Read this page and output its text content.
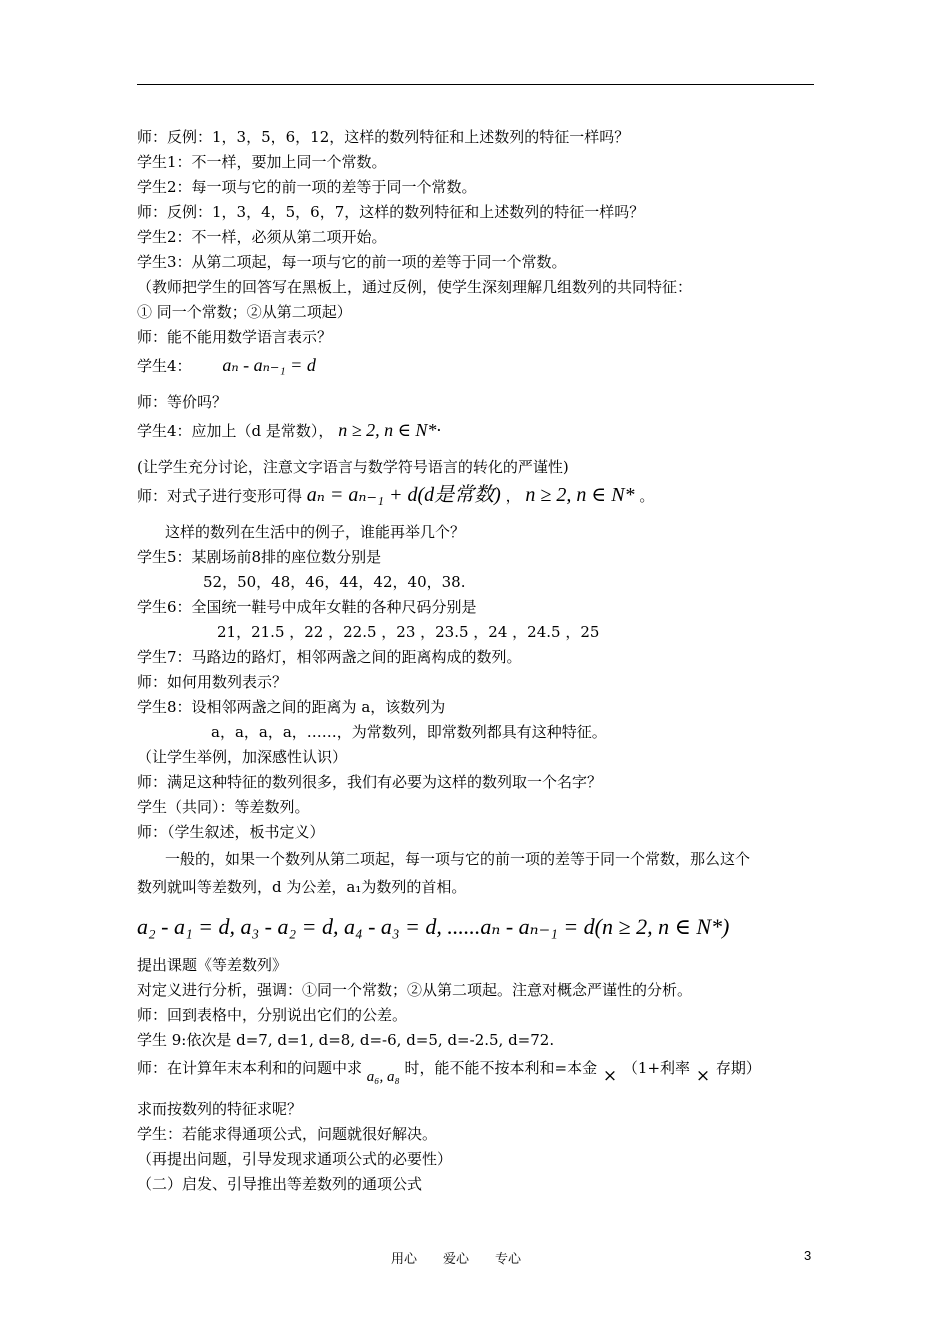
师：反例：1，3，5，6，12，这样的数列特征和上述数列的特征一样吗？
学生1：不一样，要加上同一个常数。
学生2：每一项与它的前一项的差等于同一个常数。
师：反例：1，3，4，5，6，7，这样的数列特征和上述数列的特征一样吗？
学生2：不一样，必须从第二项开始。
学生3：从第二项起，每一项与它的前一项的差等于同一个常数。
（教师把学生的回答写在黑板上，通过反例，使学生深刻理解几组数列的共同特征：
① 同一个常数；②从第二项起）
师：能不能用数学语言表示？
学生4： aₙ - aₙ₋₁ = d
师：等价吗？
学生4：应加上（d 是常数）， n ≥ 2, n ∈ N*·
(让学生充分讨论，注意文字语言与数学符号语言的转化的严谨性)
师：对式子进行变形可得 aₙ = aₙ₋₁ + d(d是常数) ， n ≥ 2, n ∈ N* 。
这样的数列在生活中的例子，谁能再举几个？
学生5：某剧场前8排的座位数分别是
52，50，48，46，44，42，40，38.
学生6：全国统一鞋号中成年女鞋的各种尺码分别是
21，21.5 ，22 ，22.5 ，23 ，23.5 ，24 ，24.5 ，25
学生7：马路边的路灯，相邻两盏之间的距离构成的数列。
师：如何用数列表示？
学生8：设相邻两盏之间的距离为 a，该数列为
a，a，a，a，……，为常数列，即常数列都具有这种特征。
（让学生举例，加深感性认识）
师：满足这种特征的数列很多，我们有必要为这样的数列取一个名字？
学生（共同）：等差数列。
师：（学生叙述，板书定义）
一般的，如果一个数列从第二项起，每一项与它的前一项的差等于同一个常数，那么这个
数列就叫等差数列，d 为公差，a₁为数列的首相。
a₂ - a₁ = d, a₃ - a₂ = d, a₄ - a₃ = d, ......aₙ - aₙ₋₁ = d(n ≥ 2, n ∈ N*)
提出课题《等差数列》
对定义进行分析，强调：①同一个常数；②从第二项起。注意对概念严谨性的分析。
师：回到表格中，分别说出它们的公差。
学生 9:依次是 d=7, d=1, d=8, d=-6, d=5, d=-2.5, d=72.
师：在计算年末本利和的问题中求 a₆, a₈ 时，能不能不按本利和=本金 × （1+利率 × 存期）
求而按数列的特征求呢？
学生：若能求得通项公式，问题就很好解决。
（再提出问题，引导发现求通项公式的必要性）
（二）启发、引导推出等差数列的通项公式
用心　　爱心　　专心	3
